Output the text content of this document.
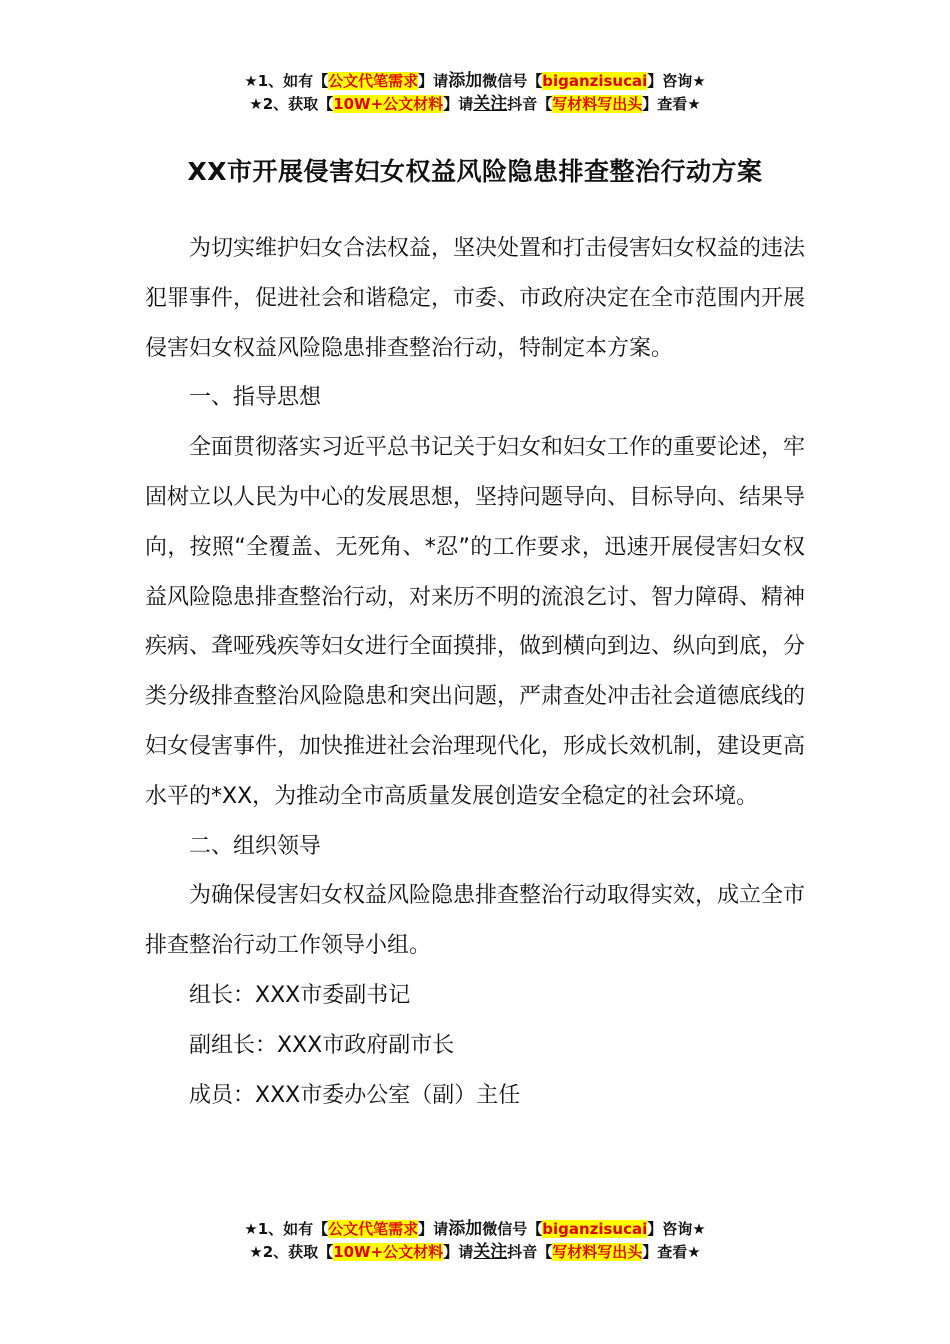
★1、如有【公文代笔需求】请添加微信号【biganzisucai】咨询★
★2、获取【10W+公文材料】请关注抖音【写材料写出头】查看★
XX市开展侵害妇女权益风险隐患排查整治行动方案

为切实维护妇女合法权益，坚决处置和打击侵害妇女权益的违法犯罪事件，促进社会和谐稳定，市委、市政府决定在全市范围内开展侵害妇女权益风险隐患排查整治行动，特制定本方案。

一、指导思想

全面贯彻落实习近平总书记关于妇女和妇女工作的重要论述，牢固树立以人民为中心的发展思想，坚持问题导向、目标导向、结果导向，按照“全覆盖、无死角、*忍”的工作要求，迅速开展侵害妇女权益风险隐患排查整治行动，对来历不明的流浪乞讨、智力障碍、精神疾病、聋哑残疾等妇女进行全面摸排，做到横向到边、纵向到底，分类分级排查整治风险隐患和突出问题，严肃查处冲击社会道德底线的妇女侵害事件，加快推进社会治理现代化，形成长效机制，建设更高水平的*XX，为推动全市高质量发展创造安全稳定的社会环境。

二、组织领导

为确保侵害妇女权益风险隐患排查整治行动取得实效，成立全市排查整治行动工作领导小组。

组长：XXX市委副书记

副组长：XXX市政府副市长

成员：XXX市委办公室（副）主任

★1、如有【公文代笔需求】请添加微信号【biganzisucai】咨询★
★2、获取【10W+公文材料】请关注抖音【写材料写出头】查看★
